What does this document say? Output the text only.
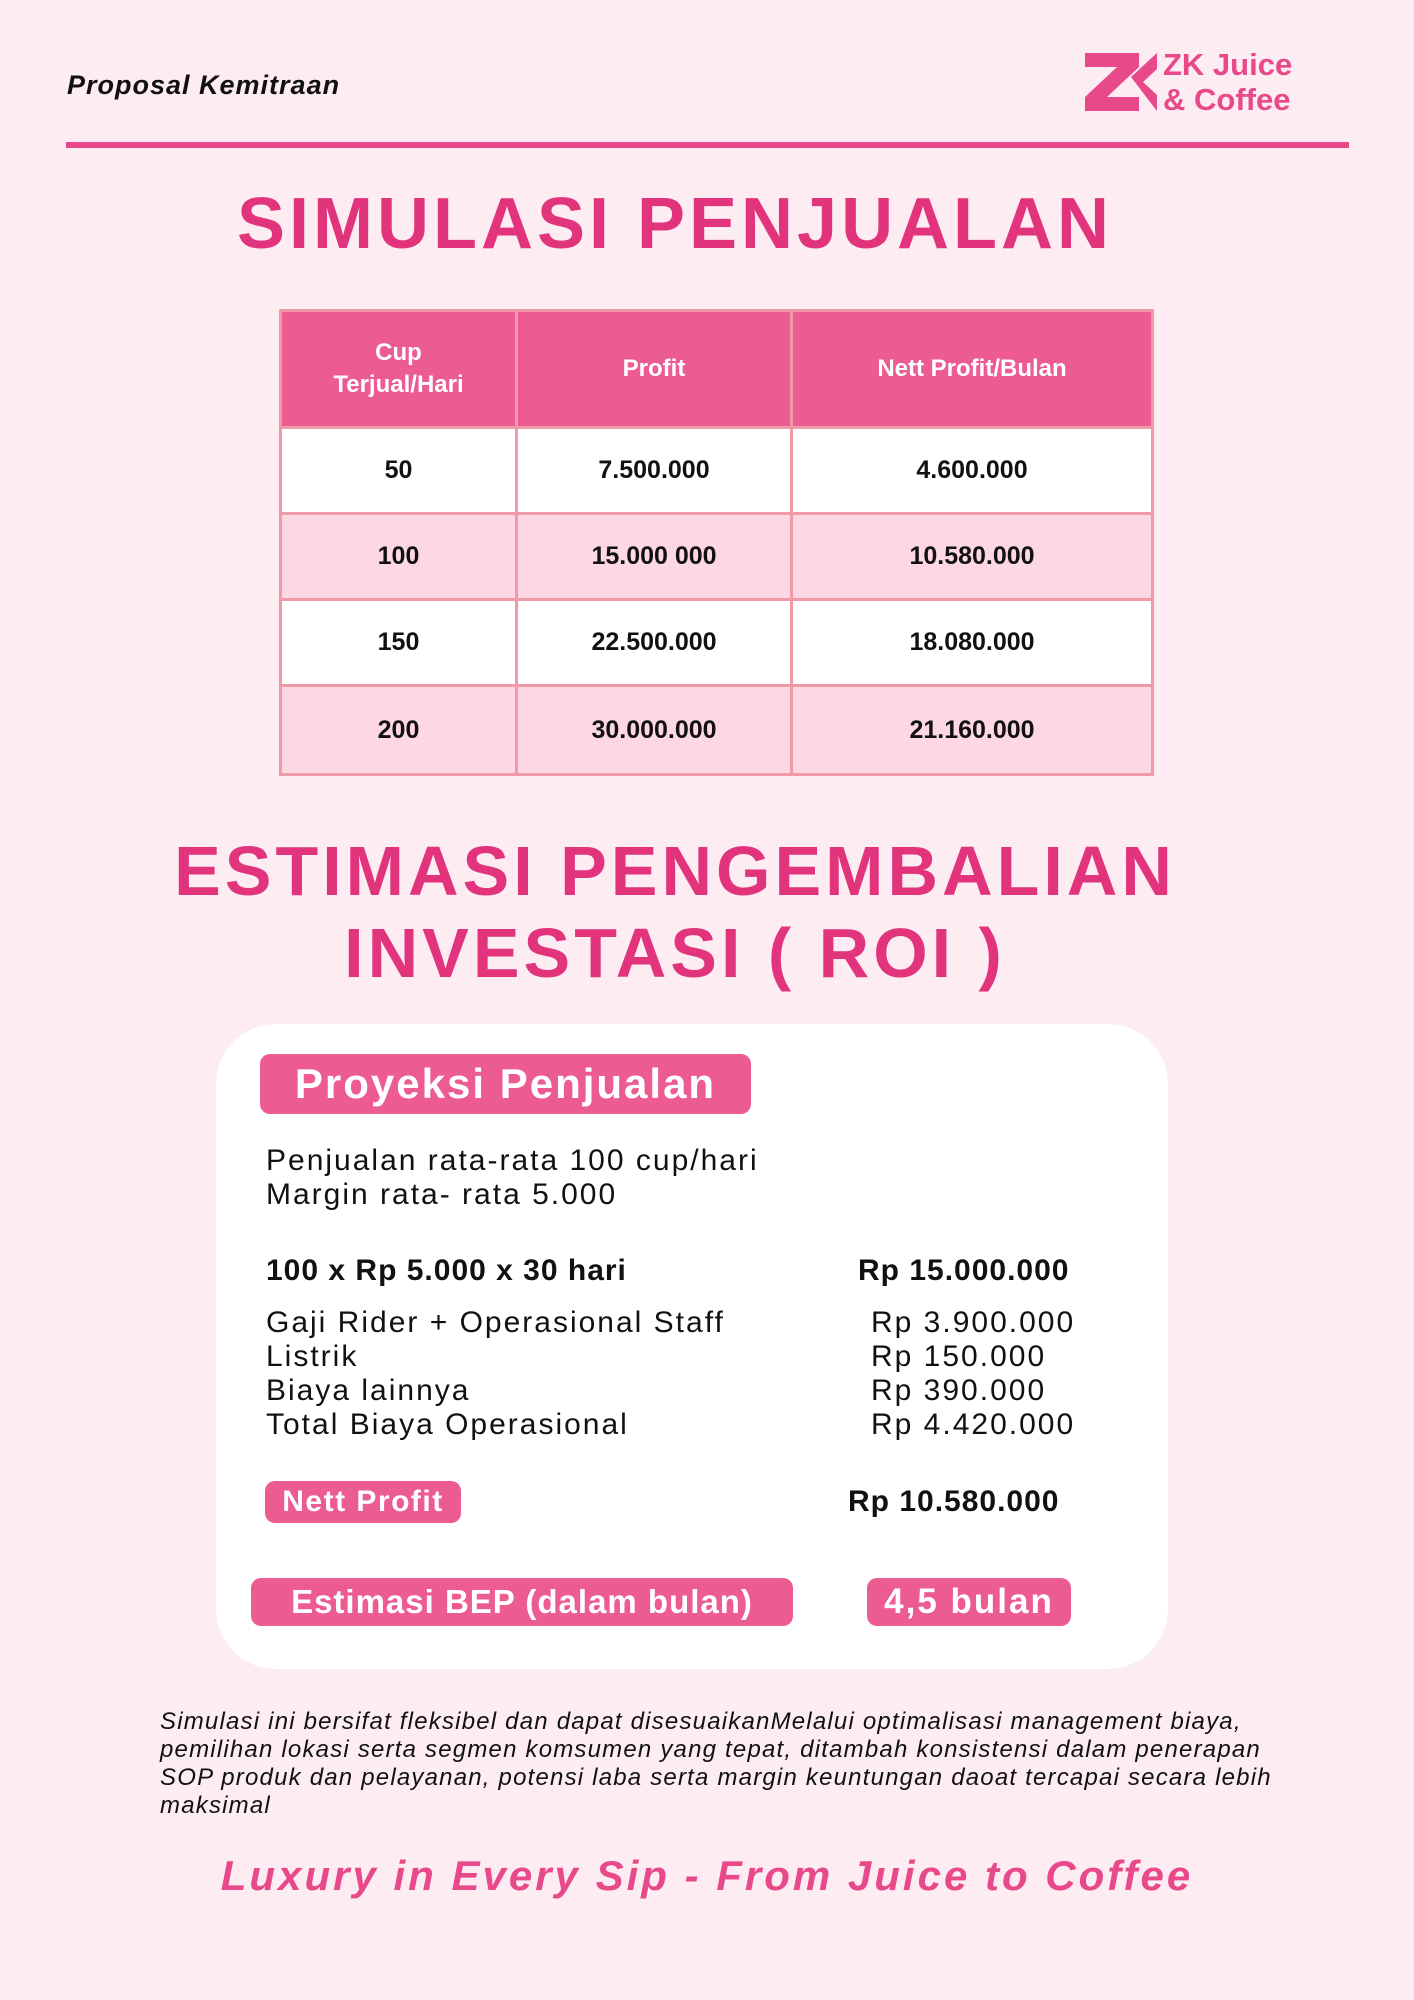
Proposal Kemitraan
ZK Juice
& Coffee
SIMULASI PENJUALAN
Cup Terjual/Hari	Profit	Nett Profit/Bulan
50	7.500.000	4.600.000
100	15.000 000	10.580.000
150	22.500.000	18.080.000
200	30.000.000	21.160.000
ESTIMASI PENGEMBALIAN
INVESTASI ( ROI )
Proyeksi Penjualan
Penjualan rata-rata 100 cup/hari
Margin rata- rata 5.000
100 x Rp 5.000 x 30 hari	Rp 15.000.000
Gaji Rider + Operasional Staff	Rp 3.900.000
Listrik	Rp 150.000
Biaya lainnya	Rp 390.000
Total Biaya Operasional	Rp 4.420.000
Nett Profit	Rp 10.580.000
Estimasi BEP (dalam bulan)	4,5 bulan
Simulasi ini bersifat fleksibel dan dapat disesuaikanMelalui optimalisasi management biaya, pemilihan lokasi serta segmen komsumen yang tepat, ditambah konsistensi dalam penerapan SOP produk dan pelayanan, potensi laba serta margin keuntungan daoat tercapai secara lebih maksimal
Luxury in Every Sip - From Juice to Coffee
